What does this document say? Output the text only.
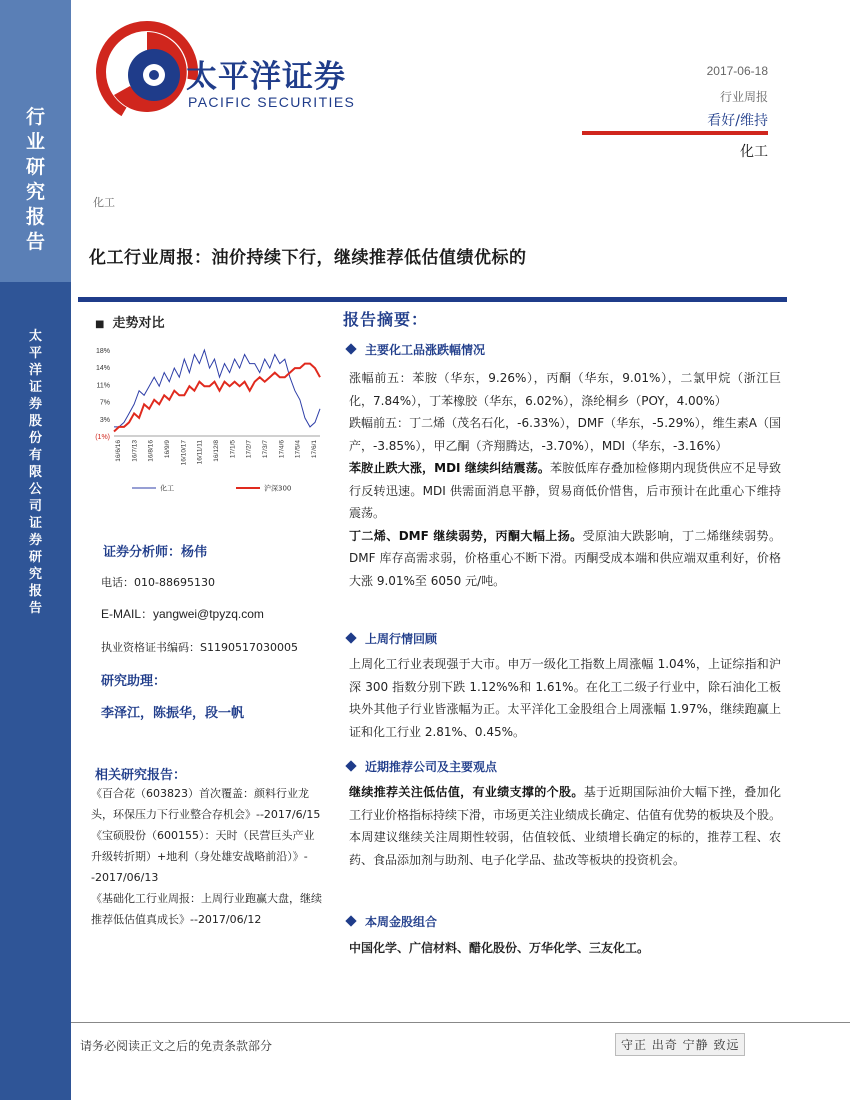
行
业
研
究
报
告
太
平
洋
证
券
股
份
有
限
公
司
证
券
研
究
报
告
太平洋证券
PACIFIC SECURITIES
2017-06-18
行业周报
看好/维持
化工
化工
化工行业周报：油价持续下行，继续推荐低估值绩优标的
■ 走势对比
18%
14%
11%
7%
3%
(1%)
16/6/16 16/7/13 16/8/16 16/9/9 16/10/17 16/11/11 16/12/8 17/1/5 17/2/7 17/3/7 17/4/6 17/5/4 17/6/1
化工	沪深300
证券分析师：杨伟
电话：010-88695130
E-MAIL：yangwei@tpyzq.com
执业资格证书编码：S1190517030005
研究助理：
李泽江，陈振华，段一帆
相关研究报告：
《百合花（603823）首次覆盖：颜料行业龙头，环保压力下行业整合存机会》--2017/6/15
《宝硕股份（600155）：天时（民营巨头产业升级转折期）+地利（身处雄安战略前沿）》--2017/06/13
《基础化工行业周报：上周行业跑赢大盘，继续推荐低估值真成长》--2017/06/12
报告摘要：
主要化工品涨跌幅情况

涨幅前五：苯胺（华东，9.26%），丙酮（华东，9.01%），二氯甲烷（浙江巨化，7.84%），丁苯橡胶（华东，6.02%），涤纶桐乡（POY，4.00%）

跌幅前五：丁二烯（茂名石化，-6.33%），DMF（华东，-5.29%），维生素A（国产，-3.85%），甲乙酮（齐翔腾达，-3.70%），MDI（华东，-3.16%）

苯胺止跌大涨，MDI 继续纠结震荡。苯胺低库存叠加检修期内现货供应不足导致行反转迅速。MDI 供需面消息平静，贸易商低价惜售，后市预计在此重心下维持震荡。

丁二烯、DMF 继续弱势，丙酮大幅上扬。受原油大跌影响，丁二烯继续弱势。DMF 库存高需求弱，价格重心不断下滑。丙酮受成本端和供应端双重利好，价格大涨 9.01%至 6050 元/吨。

上周行情回顾

上周化工行业表现强于大市。申万一级化工指数上周涨幅 1.04%，上证综指和沪深 300 指数分别下跌 1.12%%和 1.61%。在化工二级子行业中，除石油化工板块外其他子行业皆涨幅为正。太平洋化工金股组合上周涨幅 1.97%，继续跑赢上证和化工行业 2.81%、0.45%。

近期推荐公司及主要观点

继续推荐关注低估值，有业绩支撑的个股。基于近期国际油价大幅下挫，叠加化工行业价格指标持续下滑，市场更关注业绩成长确定、估值有优势的板块及个股。本周建议继续关注周期性较弱，估值较低、业绩增长确定的标的，推荐工程、农药、食品添加剂与助剂、电子化学品、盐改等板块的投资机会。

本周金股组合
中国化学、广信材料、醋化股份、万华化学、三友化工。
请务必阅读正文之后的免责条款部分	守正 出奇 宁静 致远
